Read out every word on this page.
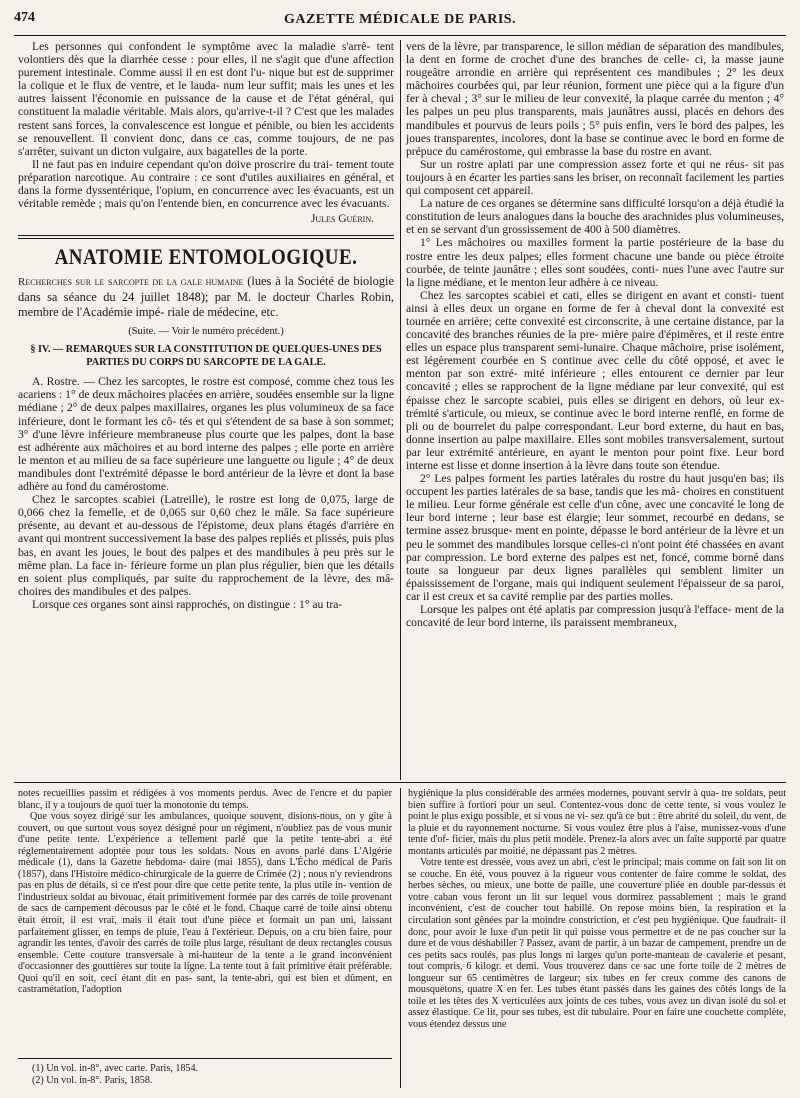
474	GAZETTE MÉDICALE DE PARIS.

Les personnes qui confondent le symptôme avec la maladie s'arrê- tent volontiers dès que la diarrhée cesse : pour elles, il ne s'agit que d'une affection purement intestinale. Comme aussi il en est dont l'u- nique but est de supprimer la colique et le flux de ventre, et le lauda- num leur suffit; mais les unes et les autres laissent l'économie en puissance de la cause et de l'état général, qui constituent la maladie véritable. Mais alors, qu'arrive-t-il ? C'est que les malades restent sans forces, la convalescence est longue et pénible, ou bien les accidents se renouvellent. Il convient donc, dans ce cas, comme toujours, de ne pas s'arrêter, suivant un dicton vulgaire, aux bagatelles de la porte.

Il ne faut pas en induire cependant qu'on doive proscrire du trai- tement toute préparation narcotique. Au contraire : ce sont d'utiles auxiliaires en général, et dans la forme dyssentérique, l'opium, en concurrence avec les évacuants, est un véritable remède ; mais qu'on l'entende bien, en concurrence avec les évacuants.

Jules Guérin.
ANATOMIE ENTOMOLOGIQUE.

Recherches sur le sarcopte de la gale humaine (lues à la Société de biologie dans sa séance du 24 juillet 1848); par M. le docteur Charles Robin, membre de l'Académie impé- riale de médecine, etc.

(Suite. — Voir le numéro précédent.)

§ IV. — REMARQUES SUR LA CONSTITUTION DE QUELQUES-UNES DES PARTIES DU CORPS DU SARCOPTE DE LA GALE.

A. Rostre. — Chez les sarcoptes, le rostre est composé, comme chez tous les acariens : 1° de deux mâchoires placées en arrière, soudées ensemble sur la ligne médiane ; 2° de deux palpes maxillaires, organes les plus volumineux de sa face inférieure, dont le formant les cô- tés et qui s'étendent de sa base à son sommet; 3° d'une lèvre inférieure membraneuse plus courte que les palpes, dont la base est adhérente aux mâchoires et au bord interne des palpes ; elle porte en arrière le menton et au milieu de sa face supérieure une languette ou ligule ; 4° de deux mandibules dont l'extrémité dépasse le bord antérieur de la lèvre et dont la base adhère au fond du camérostome.

Chez le sarcoptes scabiei (Latreille), le rostre est long de 0,075, large de 0,066 chez la femelle, et de 0,065 sur 0,60 chez le mâle. Sa face supérieure présente, au devant et au-dessous de l'épistome, deux plans étagés d'arrière en avant qui montrent successivement la base des palpes repliés et plissés, puis plus bas, en avant les joues, le bout des palpes et des mandibules à peu près sur le même plan. La face in- férieure forme un plan plus régulier, bien que les détails en soient plus compliqués, par suite du rapprochement de la lèvre, des mâ- choires des mandibules et des palpes.

Lorsque ces organes sont ainsi rapprochés, on distingue : 1° au tra-

vers de la lèvre, par transparence, le sillon médian de séparation des mandibules, la dent en forme de crochet d'une des branches de celle- ci, la masse jaune rougeâtre arrondie en arrière qui représentent ces mandibules ; 2° les deux mâchoires courbées qui, par leur réunion, forment une pièce qui a la figure d'un fer à cheval ; 3° sur le milieu de leur convexité, la plaque carrée du menton ; 4° les palpes un peu plus transparents, mais jaunâtres aussi, placés en dehors des mandibules et pourvus de leurs poils ; 5° puis enfin, vers le bord des palpes, les joues transparentes, incolores, dont la base se continue avec le bord en forme de prépuce du camérostome, qui embrasse la base du rostre en avant.

Sur un rostre aplati par une compression assez forte et qui ne réus- sit pas toujours à en écarter les parties sans les briser, on reconnaît facilement les parties qui composent cet appareil.

La nature de ces organes se détermine sans difficulté lorsqu'on a déjà étudié la constitution de leurs analogues dans la bouche des arachnides plus volumineuses, et en se servant d'un grossissement de 400 à 500 diamètres.

1° Les mâchoires ou maxilles forment la partie postérieure de la base du rostre entre les deux palpes; elles forment chacune une bande ou pièce étroite courbée, de teinte jaunâtre ; elles sont soudées, conti- nues l'une avec l'autre sur la ligne médiane, et le menton leur adhère à ce niveau.

Chez les sarcoptes scabiei et cati, elles se dirigent en avant et consti- tuent ainsi à elles deux un organe en forme de fer à cheval dont la convexité est tournée en arrière; cette convexité est circonscrite, à une certaine distance, par la concavité des branches réunies de la pre- mière paire d'épimères, et il reste entre elles un espace plus transparent semi-lunaire. Chaque mâchoire, prise isolément, est légèrement courbée en S continue avec celle du côté opposé, et avec le menton par son extré- mité inférieure ; elles entourent ce dernier par leur concavité ; elles se rapprochent de la ligne médiane par leur convexité, qui est épaisse chez le sarcopte scabiei, puis elles se dirigent en dehors, où leur ex- trémité s'articule, ou mieux, se continue avec le bord interne renflé, en forme de pli ou de bourrelet du palpe correspondant. Leur bord externe, du haut en bas, donne insertion au palpe maxillaire. Elles sont mobiles transversalement, surtout par leur extrémité antérieure, en ayant le menton pour point fixe. Leur bord interne est lisse et donne insertion à la lèvre dans toute son étendue.

2° Les palpes forment les parties latérales du rostre du haut jusqu'en bas; ils occupent les parties latérales de sa base, tandis que les mâ- choires en constituent le milieu. Leur forme générale est celle d'un cône, avec une concavité le long de leur bord interne ; leur base est élargie; leur sommet, recourbé en dedans, se termine assez brusque- ment en pointe, dépasse le bord antérieur de la lèvre et un peu le sommet des mandibules lorsque celles-ci n'ont point été chassées en avant par compression. Le bord externe des palpes est net, foncé, comme borné dans toute sa longueur par deux lignes parallèles qui semblent limiter un épaississement de l'organe, mais qui indiquent seulement l'épaisseur de sa paroi, car il est creux et sa cavité remplie par des parties molles.

Lorsque les palpes ont été aplatis par compression jusqu'à l'efface- ment de la concavité de leur bord interne, ils paraissent membraneux,

notes recueillies passim et rédigées à vos moments perdus. Avec de l'encre et du papier blanc, il y a toujours de quoi tuer la monotonie du temps.

Que vous soyez dirigé sur les ambulances, quoique souvent, disions-nous, on y gîte à couvert, ou que surtout vous soyez désigné pour un régiment, n'oubliez pas de vous munir d'une petite tente. L'expérience a tellement parlé que la petite tente-abri a été réglementairement adoptée pour tous les soldats. Nous en avons parlé dans L'Algérie médicale (1), dans la Gazette hebdoma- daire (mai 1855), dans L'Écho médical de Paris (1857), dans l'Histoire médico-chirurgicale de la guerre de Crimée (2) ; nous n'y reviendrons pas en plus de détails, si ce n'est pour dire que cette petite tente, la plus utile in- vention de l'industrieux soldat au bivouac, était primitivement formée par des carrés de toile provenant de sacs de campement décousus par le côté et le fond. Chaque carré de toile ainsi obtenu était étroit, il est vrai, mais il était tout d'une pièce et formait un pan uni, laissant parfaitement glisser, en temps de pluie, l'eau à l'extérieur. Depuis, on a cru bien faire, pour agrandir les tentes, d'avoir des carrés de toile plus large, résultant de deux rectangles cousus ensemble. Cette couture transversale à mi-hauteur de la tente a le grand inconvénient d'occasionner des gouttières sur toute la ligne. La tente tout à fait primitive était préférable. Quoi qu'il en soit, ceci étant dit en pas- sant, la tente-abri, qui est bien et dûment, en castramétation, l'adoption

(1) Un vol. in-8°, avec carte. Paris, 1854.
(2) Un vol. in-8°. Paris, 1858.

hygiénique la plus considérable des armées modernes, pouvant servir à qua- tre soldats, peut bien suffire à fortiori pour un seul. Contentez-vous donc de cette tente, si vous voulez le point le plus exigu possible, et si vous ne vi- sez qu'à ce but : être abrité du soleil, du vent, de la pluie et du rayonnement nocturne. Si vous voulez être plus à l'aise, munissez-vous d'une tente d'of- ficier, mais du plus petit modèle. Prenez-la alors avec un faîte supporté par quatre montants articulés par moitié, ne dépassant pas 2 mètres.

Votre tente est dressée, vous avez un abri, c'est le principal; mais comme on fait son lit on se couche. En été, vous pouvez à la rigueur vous contenter de faire comme le soldat, des herbes sèches, ou mieux, une botte de paille, une couverture pliée en double par-dessus et votre caban vous feront un lit sur lequel vous dormirez passablement ; mais le grand inconvénient, c'est de coucher tout habillé. On repose moins bien, la respiration et la circulation sont gênées par la moindre constriction, et c'est peu hygiénique. Que faudrait- il donc, pour avoir le luxe d'un petit lit qui puisse vous permettre et de ne pas coucher sur la dure et de vous déshabiller ? Passez, avant de partir, à un bazar de campement, prendre un de ces petits sacs roulés, pas plus longs ni larges qu'un porte-manteau de cavalerie et pesant, tout compris, 6 kilogr. et demi. Vous trouverez dans ce sac une forte toile de 2 mètres de longueur sur 65 centimètres de largeur; six tubes en fer creux comme des canons de mousquetons, quatre X en fer. Les tubes étant passés dans les gaines des côtés longs de la toile et les têtes des X verticulées aux joints de ces tubes, vous avez un divan isolé du sol et assez élastique. Ce lit, pour ses tubes, est dit tubulaire. Pour en faire une couchette complète, vous étendez dessus une
